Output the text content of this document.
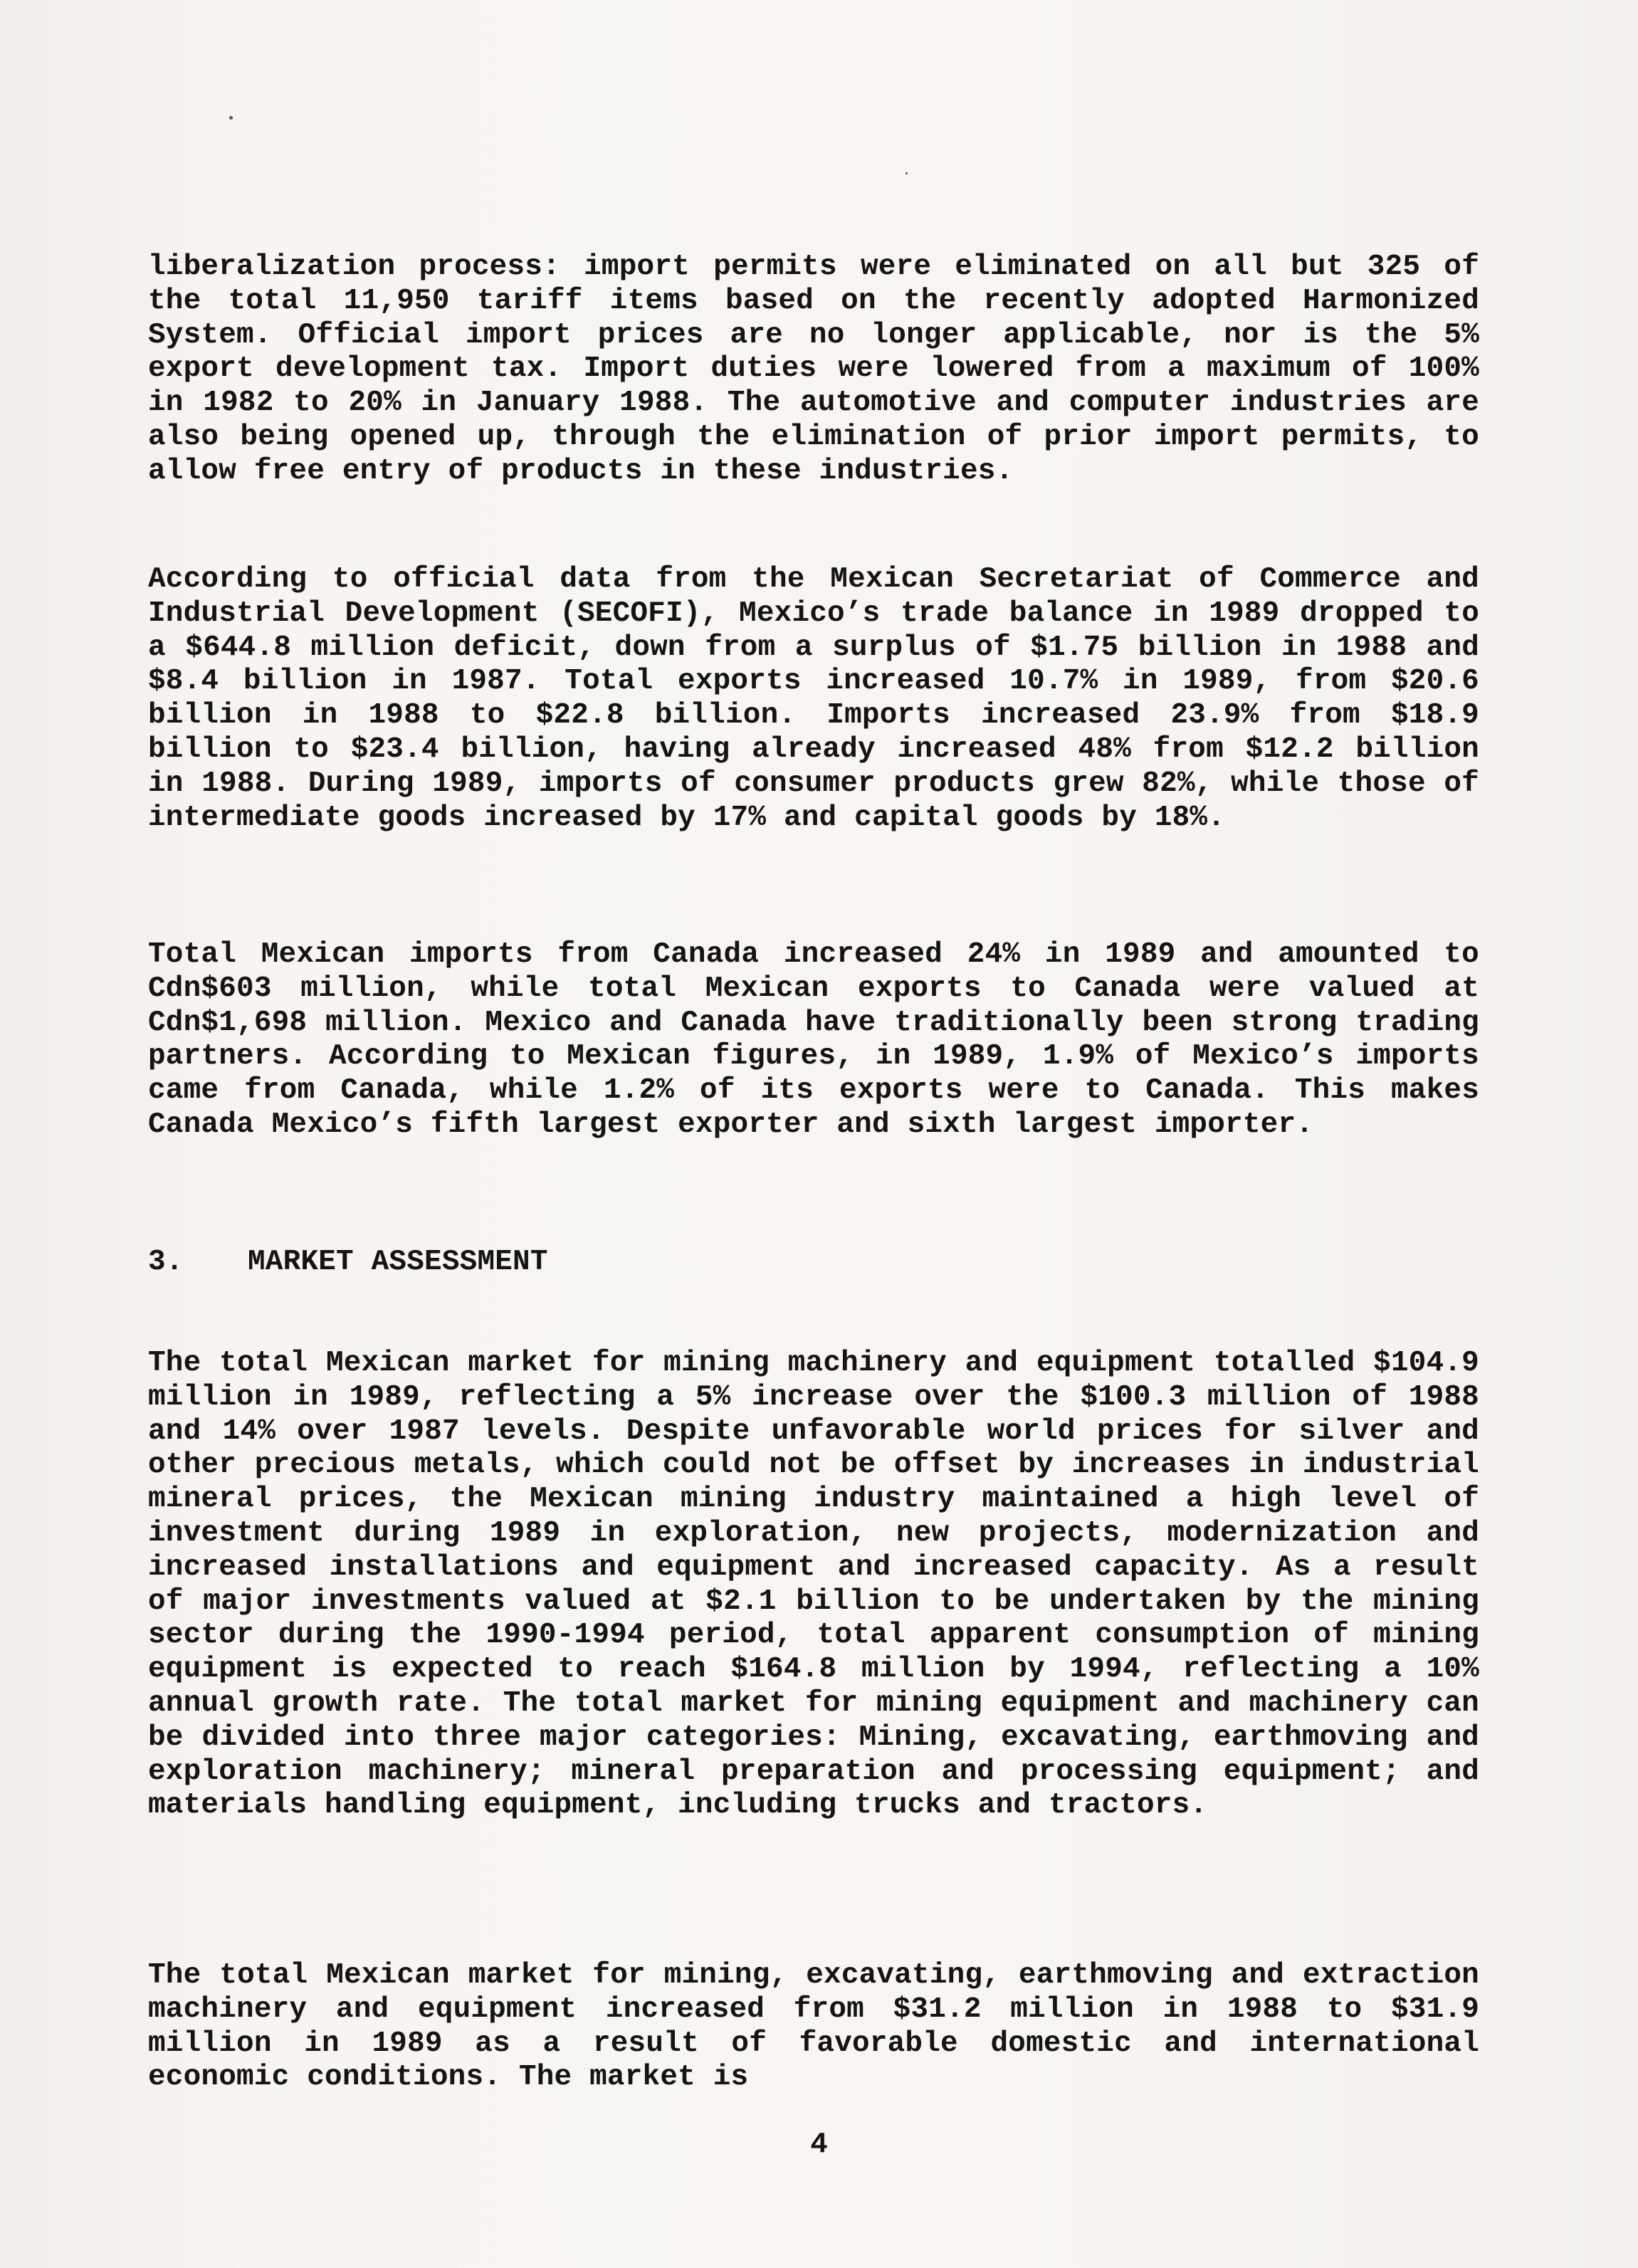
liberalization process: import permits were eliminated on all but 325 of the total 11,950 tariff items based on the recently adopted Harmonized System. Official import prices are no longer applicable, nor is the 5% export development tax. Import duties were lowered from a maximum of 100% in 1982 to 20% in January 1988. The automotive and computer industries are also being opened up, through the elimination of prior import permits, to allow free entry of products in these industries.

According to official data from the Mexican Secretariat of Commerce and Industrial Development (SECOFI), Mexico’s trade balance in 1989 dropped to a $644.8 million deficit, down from a surplus of $1.75 billion in 1988 and $8.4 billion in 1987. Total exports increased 10.7% in 1989, from $20.6 billion in 1988 to $22.8 billion. Imports increased 23.9% from $18.9 billion to $23.4 billion, having already increased 48% from $12.2 billion in 1988. During 1989, imports of consumer products grew 82%, while those of intermediate goods increased by 17% and capital goods by 18%.

Total Mexican imports from Canada increased 24% in 1989 and amounted to Cdn$603 million, while total Mexican exports to Canada were valued at Cdn$1,698 million. Mexico and Canada have traditionally been strong trading partners. According to Mexican figures, in 1989, 1.9% of Mexico’s imports came from Canada, while 1.2% of its exports were to Canada. This makes Canada Mexico’s fifth largest exporter and sixth largest importer.

3.	MARKET ASSESSMENT

The total Mexican market for mining machinery and equipment totalled $104.9 million in 1989, reflecting a 5% increase over the $100.3 million of 1988 and 14% over 1987 levels. Despite unfavorable world prices for silver and other precious metals, which could not be offset by increases in industrial mineral prices, the Mexican mining industry maintained a high level of investment during 1989 in exploration, new projects, modernization and increased installations and equipment and increased capacity. As a result of major investments valued at $2.1 billion to be undertaken by the mining sector during the 1990-1994 period, total apparent consumption of mining equipment is expected to reach $164.8 million by 1994, reflecting a 10% annual growth rate. The total market for mining equipment and machinery can be divided into three major categories: Mining, excavating, earthmoving and exploration machinery; mineral preparation and processing equipment; and materials handling equipment, including trucks and tractors.

The total Mexican market for mining, excavating, earthmoving and extraction machinery and equipment increased from $31.2 million in 1988 to $31.9 million in 1989 as a result of favorable domestic and international economic conditions. The market is

4
